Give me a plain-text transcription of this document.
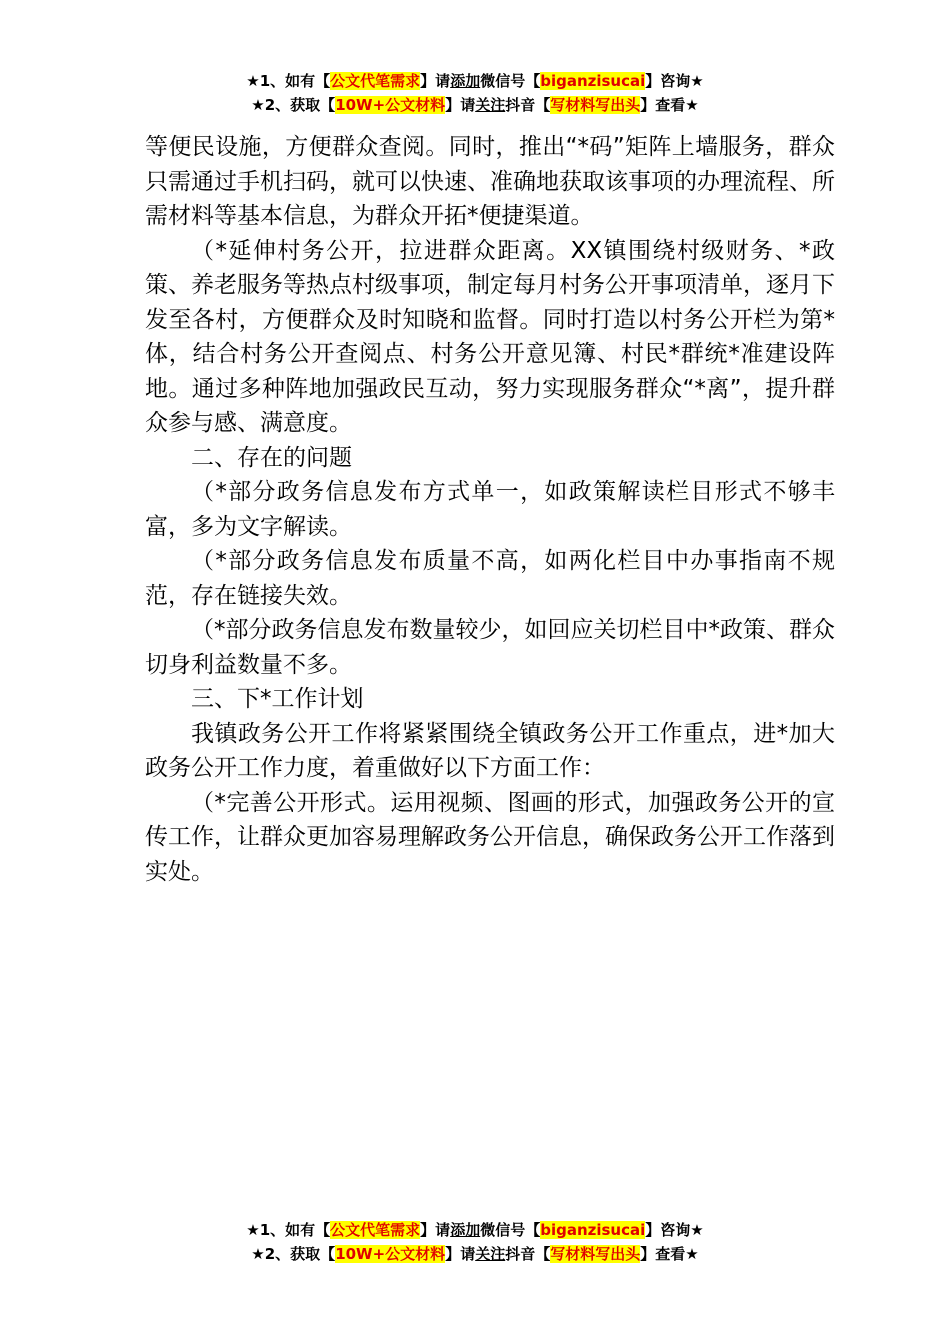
★1、如有【公文代笔需求】请添加微信号【biganzisucai】咨询★
★2、获取【10W+公文材料】请关注抖音【写材料写出头】查看★

等便民设施，方便群众查阅。同时，推出“*码”矩阵上墙服务，群众只需通过手机扫码，就可以快速、准确地获取该事项的办理流程、所需材料等基本信息，为群众开拓*便捷渠道。

（*延伸村务公开，拉进群众距离。XX镇围绕村级财务、*政策、养老服务等热点村级事项，制定每月村务公开事项清单，逐月下发至各村，方便群众及时知晓和监督。同时打造以村务公开栏为第*体，结合村务公开查阅点、村务公开意见簿、村民*群统*准建设阵地。通过多种阵地加强政民互动，努力实现服务群众“*离”，提升群众参与感、满意度。

二、存在的问题

（*部分政务信息发布方式单一，如政策解读栏目形式不够丰富，多为文字解读。

（*部分政务信息发布质量不高，如两化栏目中办事指南不规范，存在链接失效。

（*部分政务信息发布数量较少，如回应关切栏目中*政策、群众切身利益数量不多。

三、下*工作计划

我镇政务公开工作将紧紧围绕全镇政务公开工作重点，进*加大政务公开工作力度，着重做好以下方面工作：

（*完善公开形式。运用视频、图画的形式，加强政务公开的宣传工作，让群众更加容易理解政务公开信息，确保政务公开工作落到实处。

★1、如有【公文代笔需求】请添加微信号【biganzisucai】咨询★
★2、获取【10W+公文材料】请关注抖音【写材料写出头】查看★
